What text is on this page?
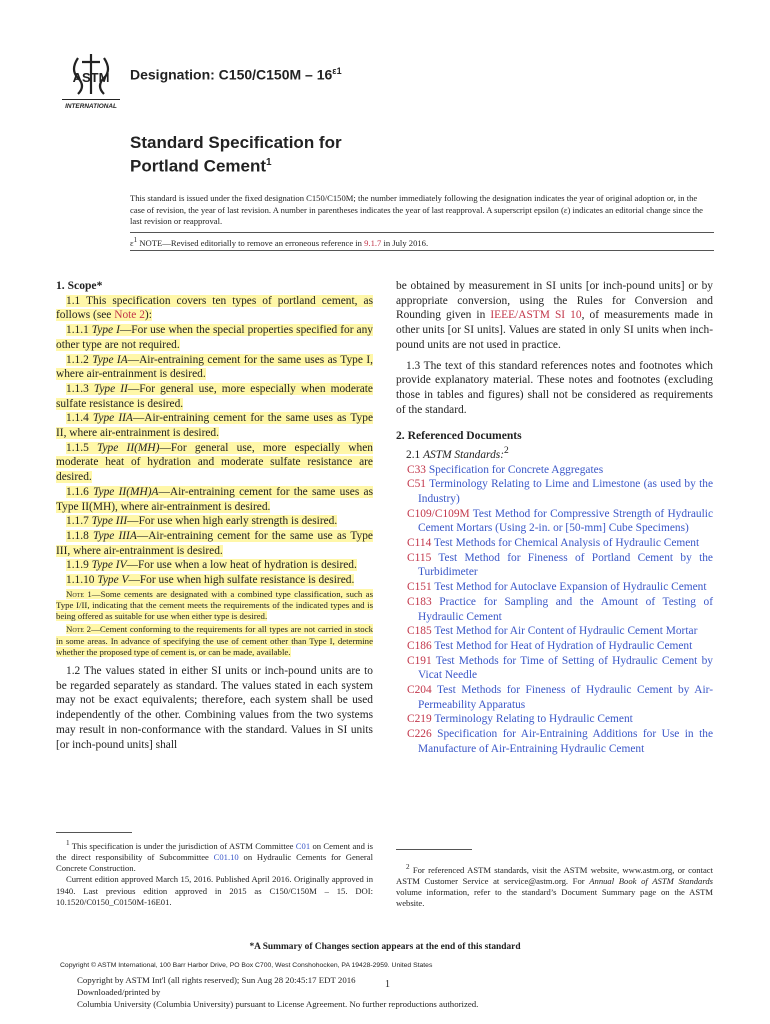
ASTM
INTERNATIONAL
Designation: $C150/C150M - 16^{\varepsilon 1}$
Standard Specification for
Portland Cement$^1$
This standard is issued under the fixed designation C150/C150M; the number immediately following the designation indicates the year of original adoption or, in the case of revision, the year of last revision. A number in parentheses indicates the year of last reapproval. A superscript epsilon (ε) indicates an editorial change since the last revision or reapproval.
$\varepsilon^1$ NOTE—Revised editorially to remove an erroneous reference in 9.1.7 in July 2016.

1. Scope*

1.1 This specification covers ten types of portland cement, as follows (see Note 2):

1.1.1 Type I—For use when the special properties specified for any other type are not required.

1.1.2 Type IA—Air-entraining cement for the same uses as Type I, where air-entrainment is desired.

1.1.3 Type II—For general use, more especially when moderate sulfate resistance is desired.

1.1.4 Type IIA—Air-entraining cement for the same uses as Type II, where air-entrainment is desired.

1.1.5 Type II(MH)—For general use, more especially when moderate heat of hydration and moderate sulfate resistance are desired.

1.1.6 Type II(MH)A—Air-entraining cement for the same uses as Type II(MH), where air-entrainment is desired.

1.1.7 Type III—For use when high early strength is desired.

1.1.8 Type IIIA—Air-entraining cement for the same use as Type III, where air-entrainment is desired.

1.1.9 Type IV—For use when a low heat of hydration is desired.

1.1.10 Type V—For use when high sulfate resistance is desired.

Note 1—Some cements are designated with a combined type classification, such as Type I/II, indicating that the cement meets the requirements of the indicated types and is being offered as suitable for use when either type is desired.

Note 2—Cement conforming to the requirements for all types are not carried in stock in some areas. In advance of specifying the use of cement other than Type I, determine whether the proposed type of cement is, or can be made, available.

1.2 The values stated in either SI units or inch-pound units are to be regarded separately as standard. The values stated in each system may not be exact equivalents; therefore, each system shall be used independently of the other. Combining values from the two systems may result in non-conformance with the standard. Values in SI units [or inch-pound units] shall

be obtained by measurement in SI units [or inch-pound units] or by appropriate conversion, using the Rules for Conversion and Rounding given in IEEE/ASTM SI 10, of measurements made in other units [or SI units]. Values are stated in only SI units when inch-pound units are not used in practice.

1.3 The text of this standard references notes and footnotes which provide explanatory material. These notes and footnotes (excluding those in tables and figures) shall not be considered as requirements of the standard.

2. Referenced Documents

2.1 ASTM Standards:$^2$

C33 Specification for Concrete Aggregates

C51 Terminology Relating to Lime and Limestone (as used by the Industry)

C109/C109M Test Method for Compressive Strength of Hydraulic Cement Mortars (Using 2-in. or [50-mm] Cube Specimens)

C114 Test Methods for Chemical Analysis of Hydraulic Cement

C115 Test Method for Fineness of Portland Cement by the Turbidimeter

C151 Test Method for Autoclave Expansion of Hydraulic Cement

C183 Practice for Sampling and the Amount of Testing of Hydraulic Cement

C185 Test Method for Air Content of Hydraulic Cement Mortar

C186 Test Method for Heat of Hydration of Hydraulic Cement

C191 Test Methods for Time of Setting of Hydraulic Cement by Vicat Needle

C204 Test Methods for Fineness of Hydraulic Cement by Air-Permeability Apparatus

C219 Terminology Relating to Hydraulic Cement

C226 Specification for Air-Entraining Additions for Use in the Manufacture of Air-Entraining Hydraulic Cement

$^1$ This specification is under the jurisdiction of ASTM Committee C01 on Cement and is the direct responsibility of Subcommittee C01.10 on Hydraulic Cements for General Concrete Construction.

Current edition approved March 15, 2016. Published April 2016. Originally approved in 1940. Last previous edition approved in 2015 as C150/C150M – 15. DOI: 10.1520/C0150_C0150M-16E01.

$^2$ For referenced ASTM standards, visit the ASTM website, www.astm.org, or contact ASTM Customer Service at service@astm.org. For Annual Book of ASTM Standards volume information, refer to the standard’s Document Summary page on the ASTM website.

*A Summary of Changes section appears at the end of this standard
Copyright © ASTM International, 100 Barr Harbor Drive, PO Box C700, West Conshohocken, PA 19428-2959. United States
Copyright by ASTM Int'l (all rights reserved); Sun Aug 28 20:45:17 EDT 2016
Downloaded/printed by
Columbia University (Columbia University) pursuant to License Agreement. No further reproductions authorized.
1
